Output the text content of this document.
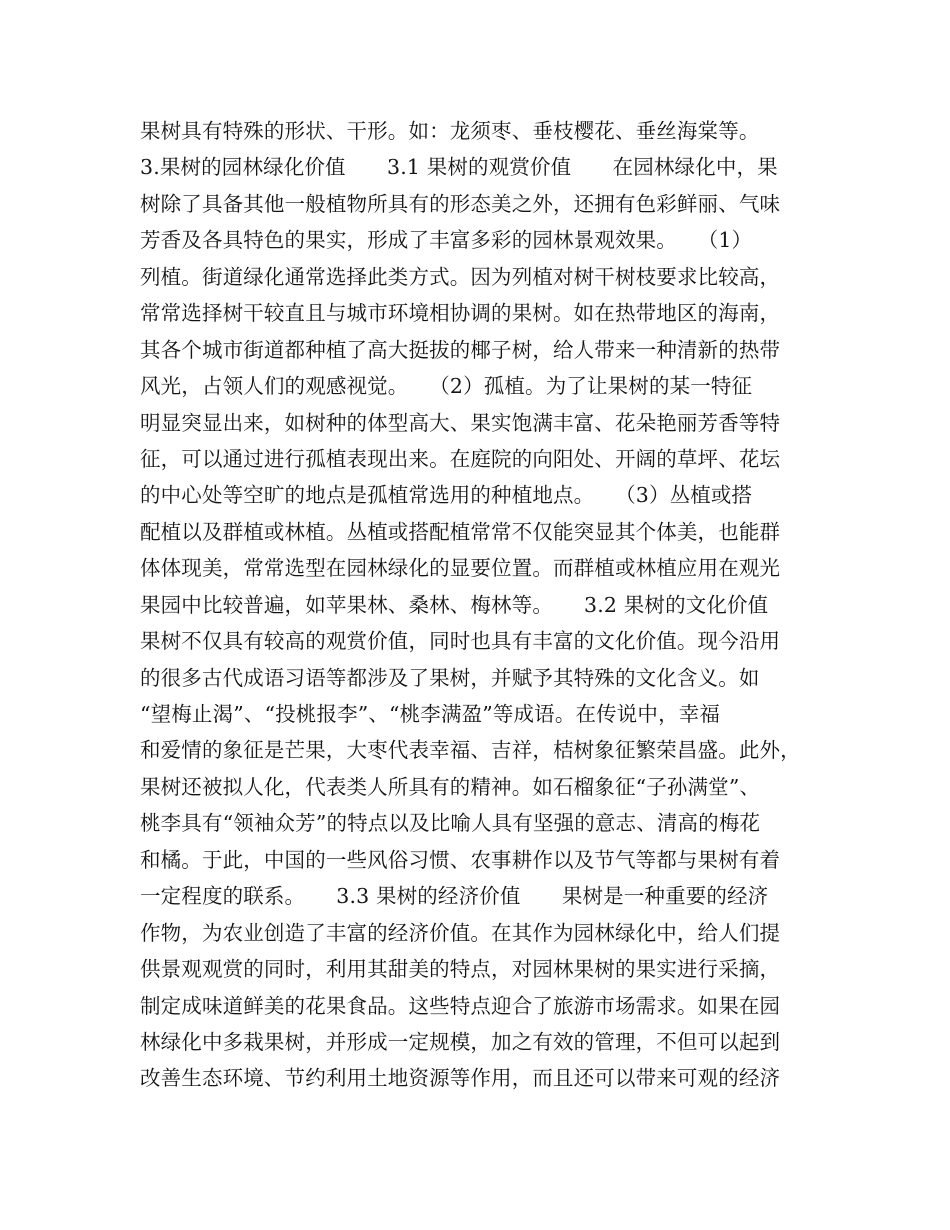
果树具有特殊的形状、干形。如：龙须枣、垂枝樱花、垂丝海棠等。
3.果树的园林绿化价值　　3.1 果树的观赏价值　　在园林绿化中，果
树除了具备其他一般植物所具有的形态美之外，还拥有色彩鲜丽、气味
芳香及各具特色的果实，形成了丰富多彩的园林景观效果。　　（1）
列植。街道绿化通常选择此类方式。因为列植对树干树枝要求比较高，
常常选择树干较直且与城市环境相协调的果树。如在热带地区的海南，
其各个城市街道都种植了高大挺拔的椰子树，给人带来一种清新的热带
风光，占领人们的观感视觉。　　（2）孤植。为了让果树的某一特征
明显突显出来，如树种的体型高大、果实饱满丰富、花朵艳丽芳香等特
征，可以通过进行孤植表现出来。在庭院的向阳处、开阔的草坪、花坛
的中心处等空旷的地点是孤植常选用的种植地点。　　（3）丛植或搭
配植以及群植或林植。丛植或搭配植常常不仅能突显其个体美，也能群
体体现美，常常选型在园林绿化的显要位置。而群植或林植应用在观光
果园中比较普遍，如苹果林、桑林、梅林等。　　3.2 果树的文化价值
果树不仅具有较高的观赏价值，同时也具有丰富的文化价值。现今沿用
的很多古代成语习语等都涉及了果树，并赋予其特殊的文化含义。如
“望梅止渴”、“投桃报李”、“桃李满盈”等成语。在传说中，幸福
和爱情的象征是芒果，大枣代表幸福、吉祥，桔树象征繁荣昌盛。此外，
果树还被拟人化，代表类人所具有的精神。如石榴象征“子孙满堂”、
桃李具有“领袖众芳”的特点以及比喻人具有坚强的意志、清高的梅花
和橘。于此，中国的一些风俗习惯、农事耕作以及节气等都与果树有着
一定程度的联系。　　3.3 果树的经济价值　　果树是一种重要的经济
作物，为农业创造了丰富的经济价值。在其作为园林绿化中，给人们提
供景观观赏的同时，利用其甜美的特点，对园林果树的果实进行采摘，
制定成味道鲜美的花果食品。这些特点迎合了旅游市场需求。如果在园
林绿化中多栽果树，并形成一定规模，加之有效的管理，不但可以起到
改善生态环境、节约利用土地资源等作用，而且还可以带来可观的经济
